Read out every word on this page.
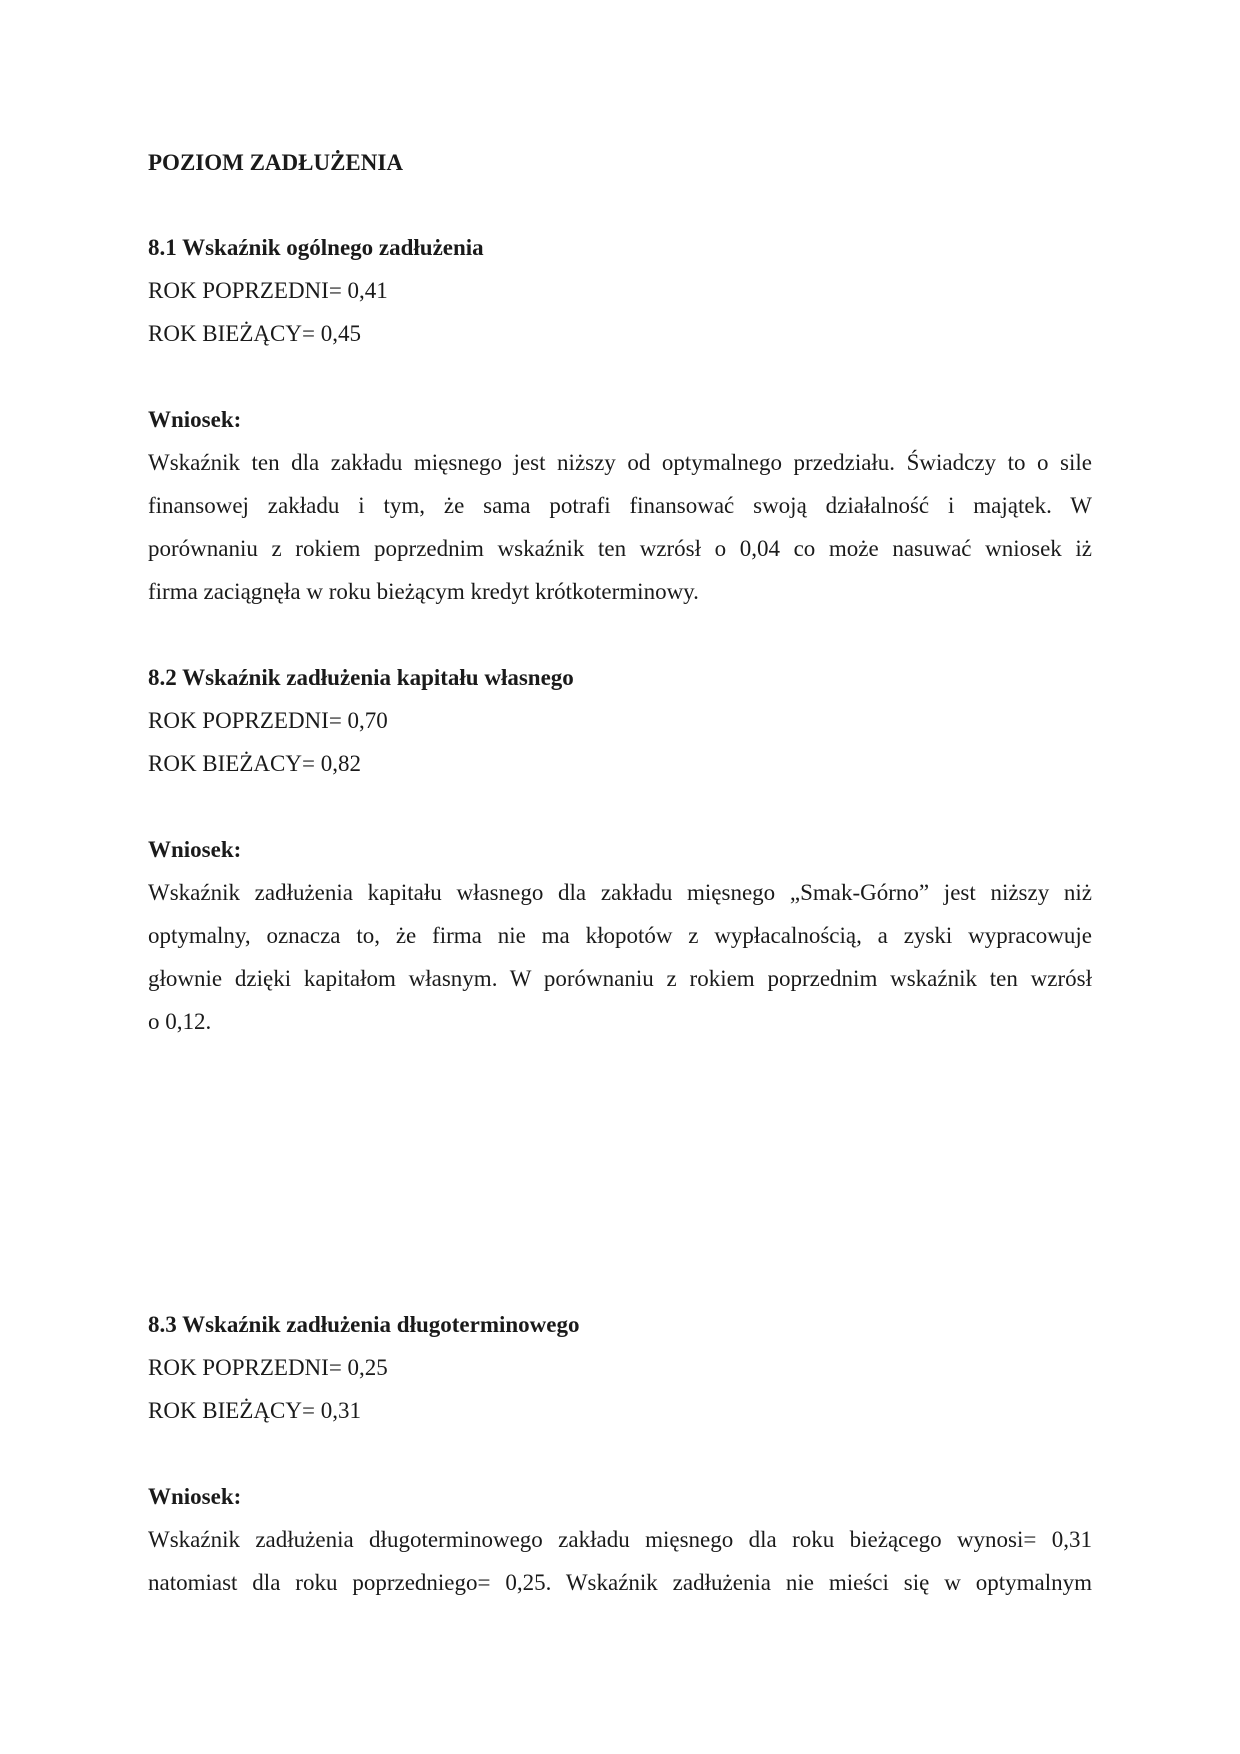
POZIOM ZADŁUŻENIA
8.1 Wskaźnik ogólnego zadłużenia
ROK POPRZEDNI= 0,41
ROK BIEŻĄCY= 0,45
Wniosek:
Wskaźnik ten dla zakładu mięsnego jest niższy od optymalnego przedziału. Świadczy to o sile
finansowej zakładu i tym, że sama potrafi finansować swoją działalność i majątek. W
porównaniu z rokiem poprzednim wskaźnik ten wzrósł o 0,04 co może nasuwać wniosek iż
firma zaciągnęła w roku bieżącym kredyt krótkoterminowy.
8.2 Wskaźnik zadłużenia kapitału własnego
ROK POPRZEDNI= 0,70
ROK BIEŻACY= 0,82
Wniosek:
Wskaźnik zadłużenia kapitału własnego dla zakładu mięsnego „Smak-Górno” jest niższy niż
optymalny, oznacza to, że firma nie ma kłopotów z wypłacalnością, a zyski wypracowuje
głownie dzięki kapitałom własnym. W porównaniu z rokiem poprzednim wskaźnik ten wzrósł
o 0,12.
8.3 Wskaźnik zadłużenia długoterminowego
ROK POPRZEDNI= 0,25
ROK BIEŻĄCY= 0,31
Wniosek:
Wskaźnik zadłużenia długoterminowego zakładu mięsnego dla roku bieżącego wynosi= 0,31
natomiast dla roku poprzedniego= 0,25. Wskaźnik zadłużenia nie mieści się w optymalnym
